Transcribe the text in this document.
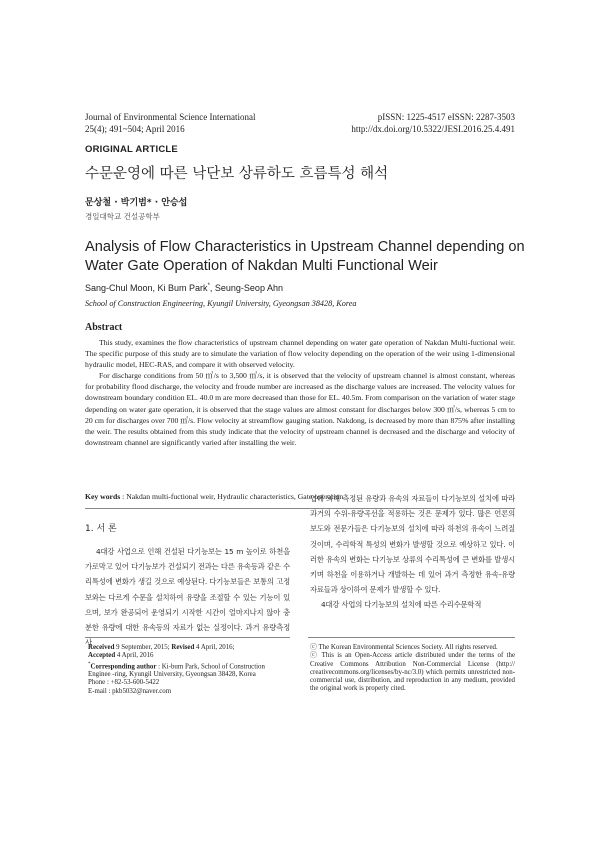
Journal of Environmental Science International
25(4); 491~504; April 2016
pISSN: 1225-4517 eISSN: 2287-3503
http://dx.doi.org/10.5322/JESI.2016.25.4.491
ORIGINAL ARTICLE
수문운영에 따른 낙단보 상류하도 흐름특성 해석
문상철 · 박기범* · 안승섭
경일대학교 건설공학부
Analysis of Flow Characteristics in Upstream Channel depending on Water Gate Operation of Nakdan Multi Functional Weir
Sang-Chul Moon, Ki Bum Park*, Seung-Seop Ahn
School of Construction Engineering, Kyungil University, Gyeongsan 38428, Korea
Abstract

This study, examines the flow characteristics of upstream channel depending on water gate operation of Nakdan Multi-fuctional weir. The specific purpose of this study are to simulate the variation of flow velocity depending on the operation of the weir using 1-dimensional hydraulic model, HEC-RAS, and compare it with observed velocity.

For discharge conditions from 50 ㎥/s to 3,500 ㎥/s, it is observed that the velocity of upstream channel is almost constant, whereas for probability flood discharge, the velocity and froude number are increased as the discharge values are increased. The velocity values for downstream boundary condition EL. 40.0 m are more decreased than those for EL. 40.5m. From comparison on the variation of water stage depending on water gate operation, it is observed that the stage values are almost constant for discharges below 300 ㎥/s, whereas 5 cm to 20 cm for discharges over 700 ㎥/s. Flow velocity at streamflow gauging station. Nakdong, is decreased by more than 875% after installing the weir. The results obtained from this study indicate that the velocity of upstream channel is decreased and the discharge and velocity of downstream channel are significantly varied after installing the weir.

Key words : Nakdan multi-fuctional weir, Hydraulic characteristics, Gate operation
1. 서 론

4대강 사업으로 인해 건설된 다기능보는 15 m 높이로 하천을 가로막고 있어 다기능보가 건설되기 전과는 다른 유속등과 같은 수리특성에 변화가 생길 것으로 예상된다. 다기능보들은 보통의 고정보와는 다르게 수문을 설치하여 유량을 조절할 수 있는 기능이 있으며, 보가 완공되어 운영되기 시작한 시간이 얼마지나지 않아 충분한 유량에 대한 유속등의 자료가 없는 실정이다. 과거 유량측정사

업에 의해 측정된 유량과 유속의 자료들이 다기능보의 설치에 따라 과거의 수위-유량곡선을 적용하는 것은 문제가 있다. 많은 언론의 보도와 전문가들은 다기능보의 설치에 따라 하천의 유속이 느려질 것이며, 수리학적 특성의 변화가 발생할 것으로 예상하고 있다. 이러한 유속의 변화는 다기능보 상류의 수리특성에 큰 변화를 발생시키며 하천을 이용하거나 개발하는 데 있어 과거 측정한 유속-유량자료들과 상이하여 문제가 발생할 수 있다.

4대강 사업의 다기능보의 설치에 따른 수리수문학적

Received 9 September, 2015; Revised 4 April, 2016;
Accepted 4 April, 2016
*Corresponding author : Ki-bum Park, School of Construction Enginee -ring, Kyungil University, Gyeongsan 38428, Korea
Phone : +82-53-600-5422
E-mail : pkb5032@naver.com
ⓒ The Korean Environmental Sciences Society. All rights reserved.
ⓒ This is an Open-Access article distributed under the terms of the Creative Commons Attribution Non-Commercial License (http:// creativecommons.org/licenses/by-nc/3.0) which permits unrestricted non-commercial use, distribution, and reproduction in any medium, provided the original work is properly cited.
